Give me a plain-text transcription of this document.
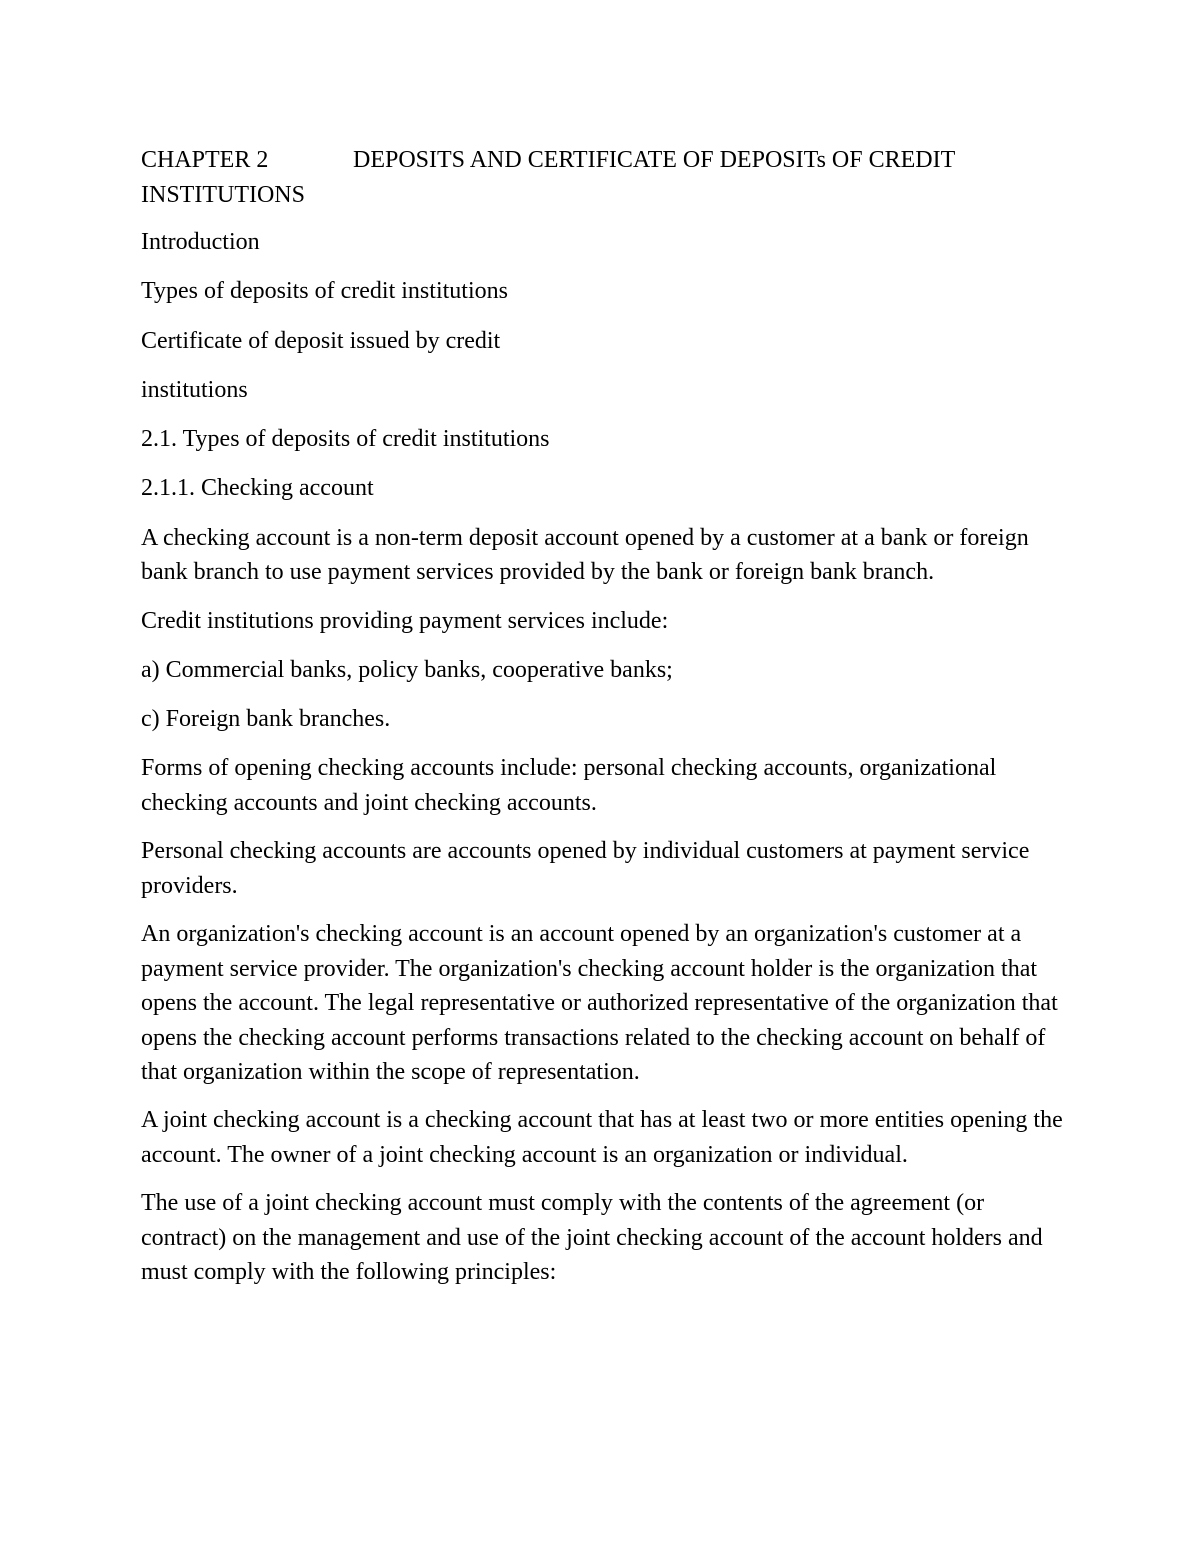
CHAPTER 2	DEPOSITS AND CERTIFICATE OF DEPOSITs OF CREDIT
INSTITUTIONS

Introduction

Types of deposits of credit institutions

Certificate of deposit issued by credit

institutions

2.1. Types of deposits of credit institutions

2.1.1. Checking account

A checking account is a non-term deposit account opened by a customer at a bank or foreign bank branch to use payment services provided by the bank or foreign bank branch.

Credit institutions providing payment services include:

a) Commercial banks, policy banks, cooperative banks;

c) Foreign bank branches.

Forms of opening checking accounts include: personal checking accounts, organizational checking accounts and joint checking accounts.

Personal checking accounts are accounts opened by individual customers at payment service providers.

An organization's checking account is an account opened by an organization's customer at a payment service provider. The organization's checking account holder is the organization that opens the account. The legal representative or authorized representative of the organization that opens the checking account performs transactions related to the checking account on behalf of that organization within the scope of representation.

A joint checking account is a checking account that has at least two or more entities opening the account. The owner of a joint checking account is an organization or individual.

The use of a joint checking account must comply with the contents of the agreement (or contract) on the management and use of the joint checking account of the account holders and must comply with the following principles:
